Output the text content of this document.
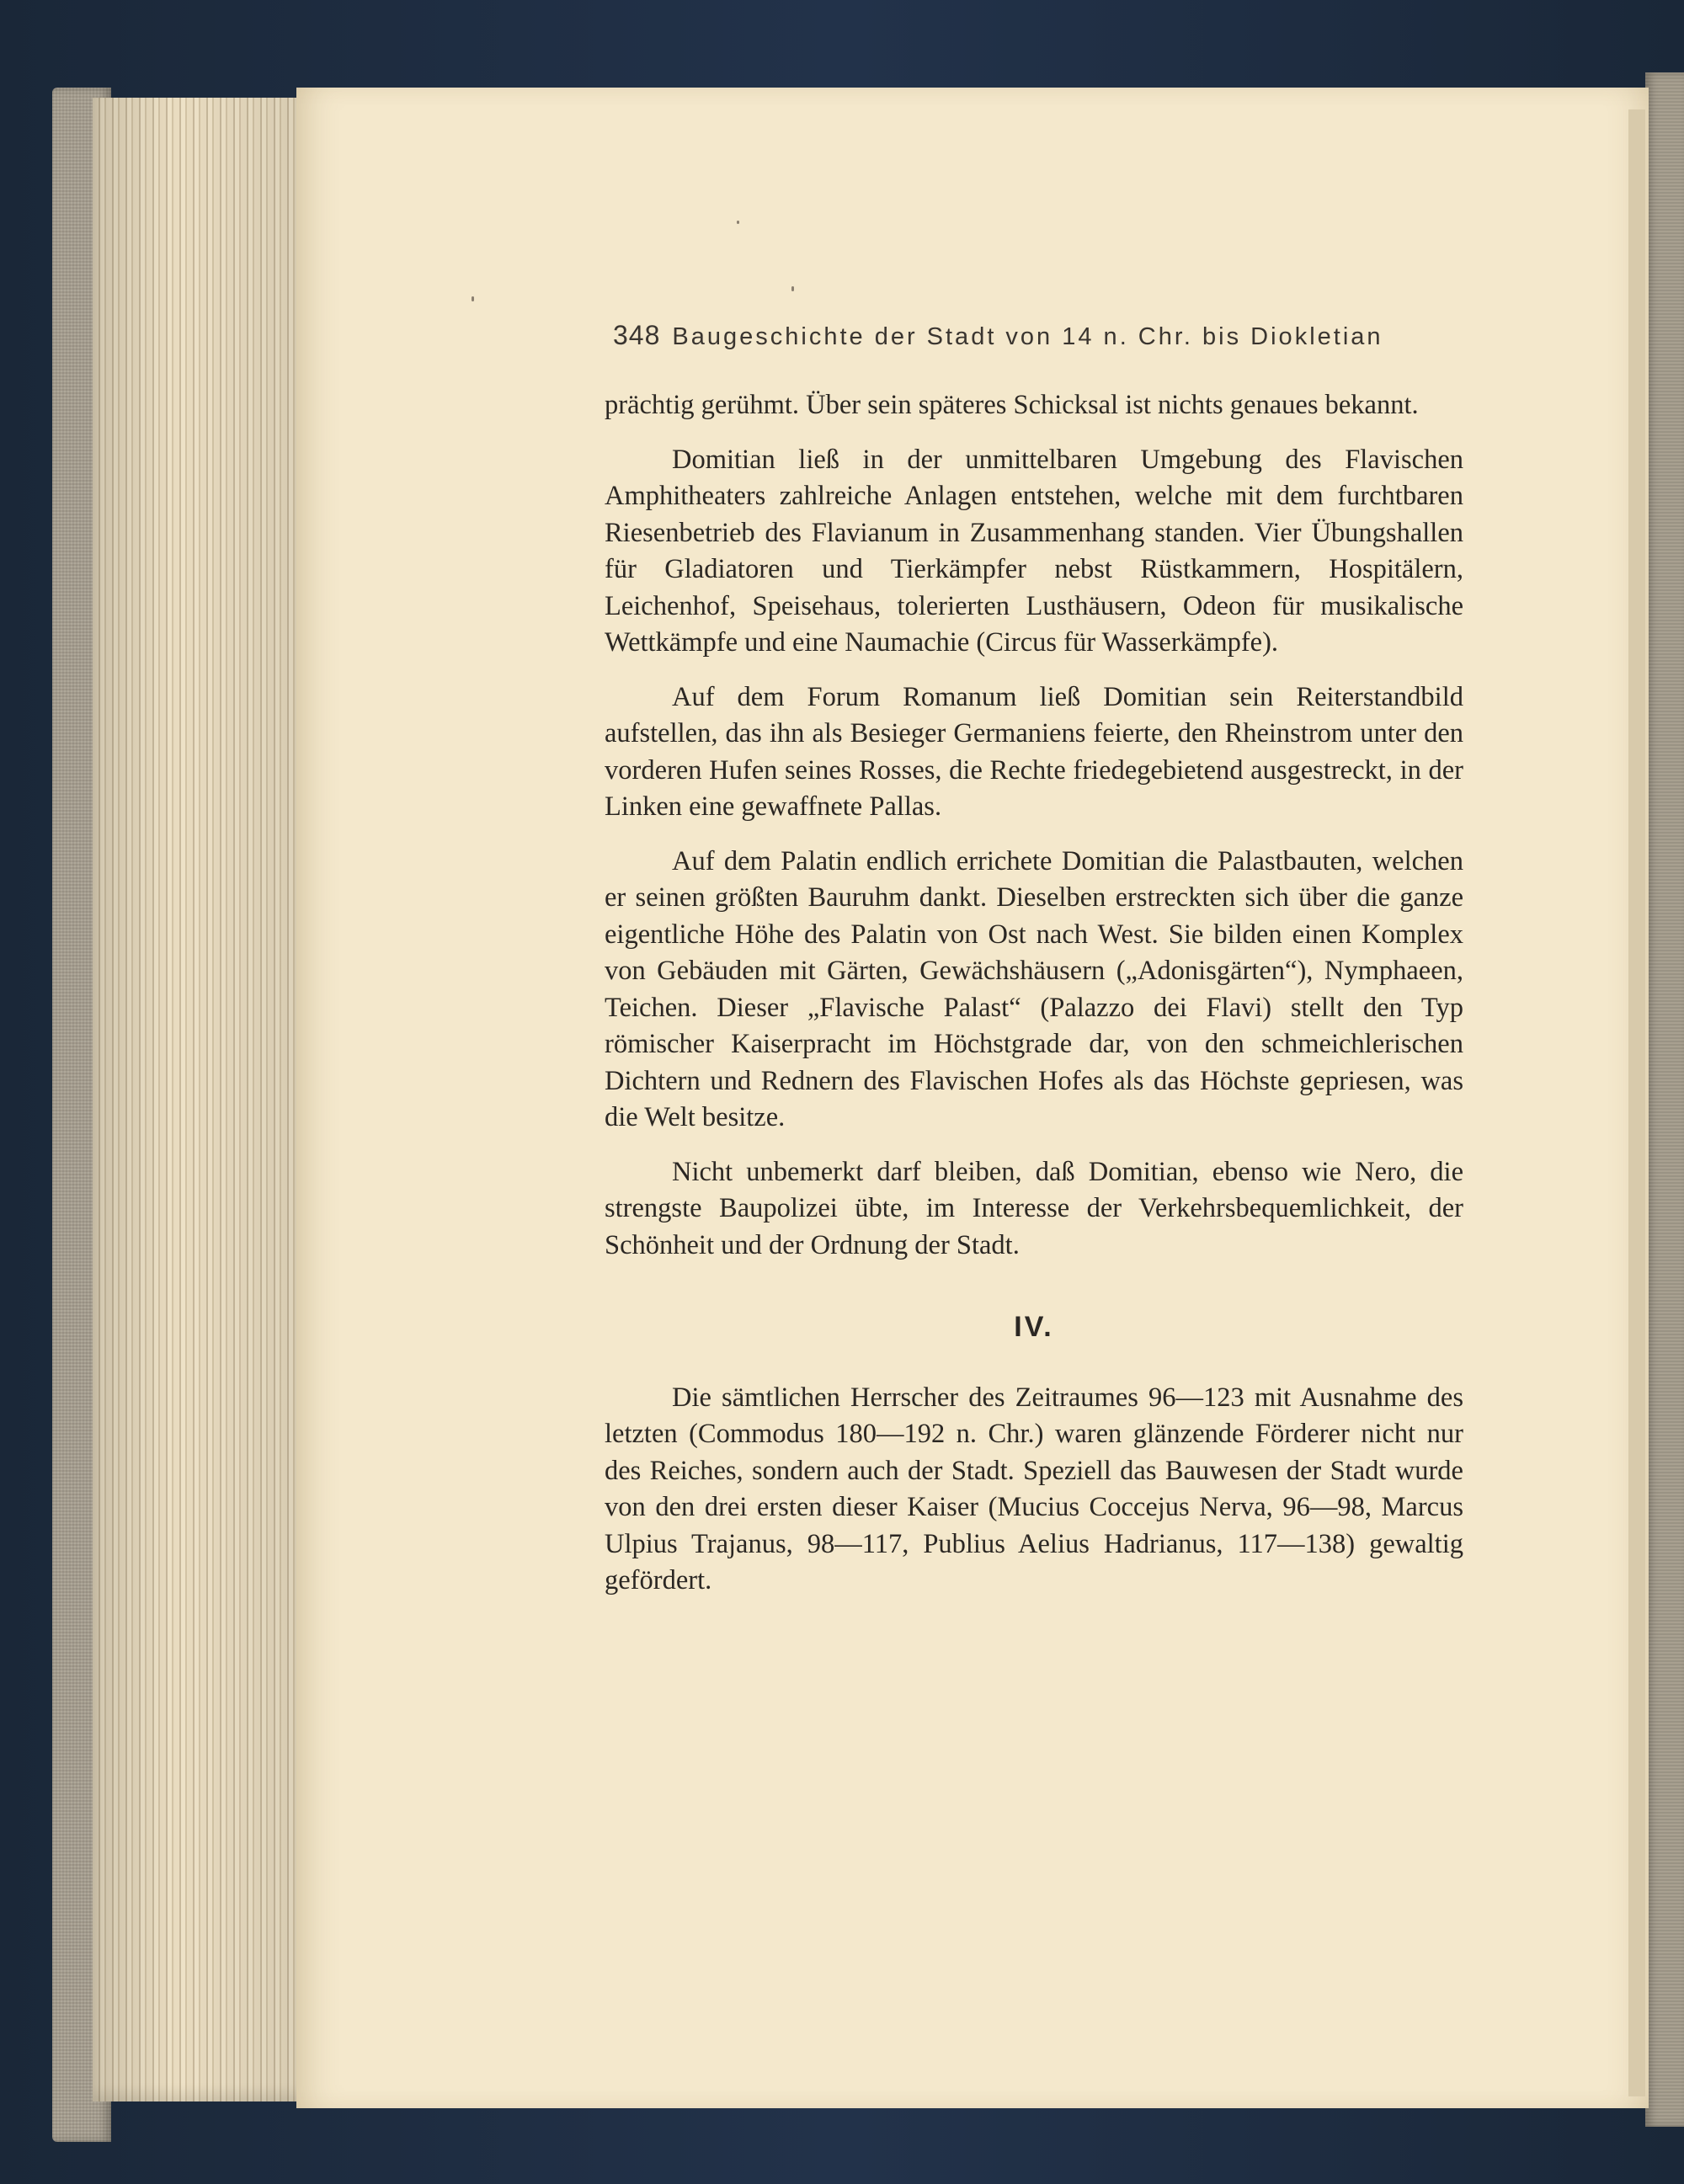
348 Baugeschichte der Stadt von 14 n. Chr. bis Diokletian

prächtig gerühmt. Über sein späteres Schicksal ist nichts genaues bekannt.

Domitian ließ in der unmittelbaren Umgebung des Flavischen Amphitheaters zahlreiche Anlagen entstehen, welche mit dem furchtbaren Riesenbetrieb des Flavianum in Zusammenhang standen. Vier Übungshallen für Gladiatoren und Tierkämpfer nebst Rüstkammern, Hospitälern, Leichenhof, Speisehaus, tolerierten Lusthäusern, Odeon für musikalische Wettkämpfe und eine Naumachie (Circus für Wasserkämpfe).

Auf dem Forum Romanum ließ Domitian sein Reiterstandbild aufstellen, das ihn als Besieger Germaniens feierte, den Rheinstrom unter den vorderen Hufen seines Rosses, die Rechte friedegebietend ausgestreckt, in der Linken eine gewaffnete Pallas.

Auf dem Palatin endlich errichete Domitian die Palastbauten, welchen er seinen größten Bauruhm dankt. Dieselben erstreckten sich über die ganze eigentliche Höhe des Palatin von Ost nach West. Sie bilden einen Komplex von Gebäuden mit Gärten, Gewächshäusern („Adonisgärten“), Nymphaeen, Teichen. Dieser „Flavische Palast“ (Palazzo dei Flavi) stellt den Typ römischer Kaiserpracht im Höchstgrade dar, von den schmeichlerischen Dichtern und Rednern des Flavischen Hofes als das Höchste gepriesen, was die Welt besitze.

Nicht unbemerkt darf bleiben, daß Domitian, ebenso wie Nero, die strengste Baupolizei übte, im Interesse der Verkehrsbequemlichkeit, der Schönheit und der Ordnung der Stadt.

IV.

Die sämtlichen Herrscher des Zeitraumes 96—123 mit Ausnahme des letzten (Commodus 180—192 n. Chr.) waren glänzende Förderer nicht nur des Reiches, sondern auch der Stadt. Speziell das Bauwesen der Stadt wurde von den drei ersten dieser Kaiser (Mucius Coccejus Nerva, 96—98, Marcus Ulpius Trajanus, 98—117, Publius Aelius Hadrianus, 117—138) gewaltig gefördert.
